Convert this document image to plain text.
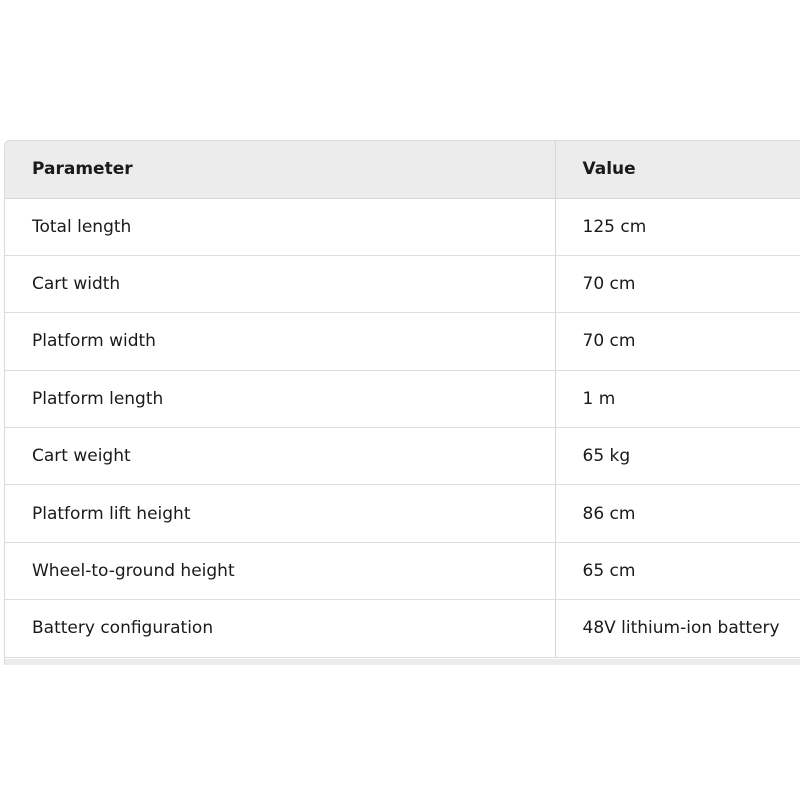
Parameter	Value
Total length	125 cm
Cart width	70 cm
Platform width	70 cm
Platform length	1 m
Cart weight	65 kg
Platform lift height	86 cm
Wheel-to-ground height	65 cm
Battery configuration	48V lithium-ion battery
